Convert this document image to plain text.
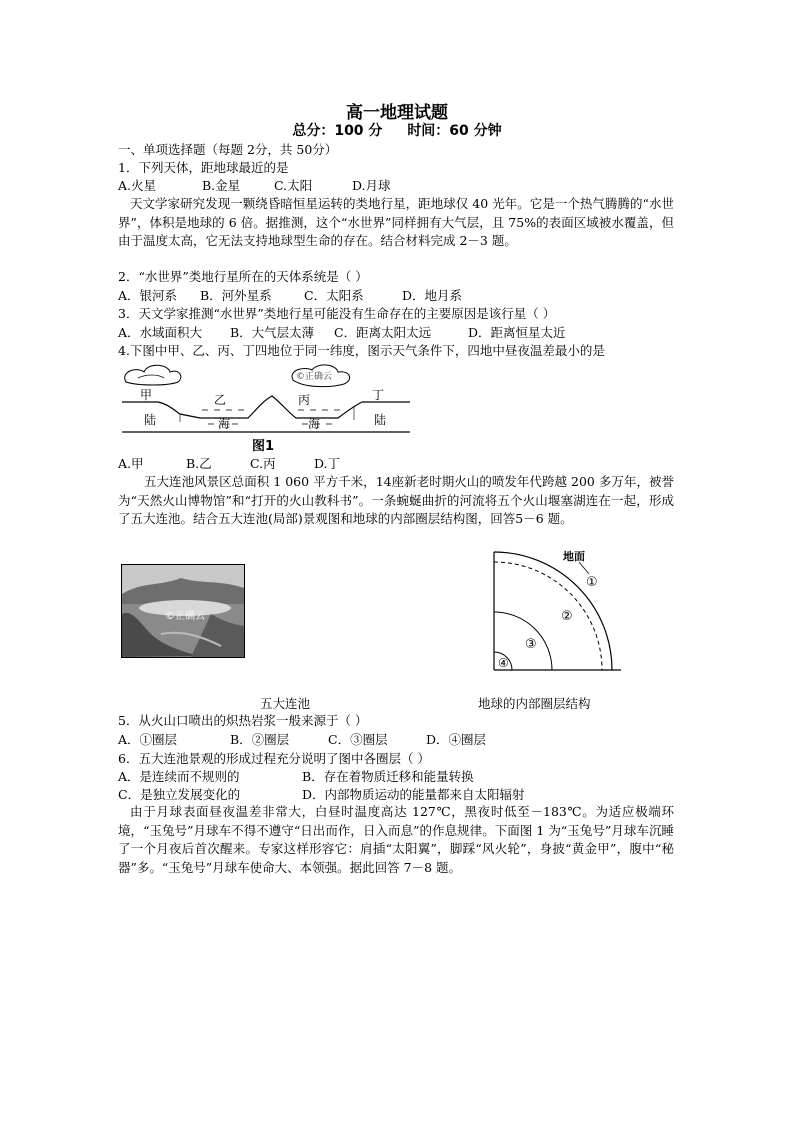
高一地理试题
总分：100 分 时间：60 分钟
一、单项选择题（每题 2分，共 50分）
1．下列天体，距地球最近的是
A.火星	B.金星	C.太阳	D.月球
天文学家研究发现一颗绕昏暗恒星运转的类地行星，距地球仅 40 光年。它是一个热气腾腾的“水世界”，体积是地球的 6 倍。据推测，这个“水世界”同样拥有大气层，且 75%的表面区域被水覆盖，但由于温度太高，它无法支持地球型生命的存在。结合材料完成 2－3 题。
2．“水世界”类地行星所在的天体系统是（ ）
A．银河系 B．河外星系	C．太阳系	D．地月系
3．天文学家推测“水世界”类地行星可能没有生命存在的主要原因是该行星（ ）
A．水域面积大 B．大气层太薄 C．距离太阳太远	D．距离恒星太近
4.下图中甲、乙、丙、丁四地位于同一纬度，图示天气条件下，四地中昼夜温差最小的是
甲	乙	丙	丁
陆	海	海	陆
©正确云
图1
A.甲	B.乙	C.丙	D.丁
五大连池风景区总面积 1 060 平方千米，14座新老时期火山的喷发年代跨越 200 多万年，被誉为“天然火山博物馆”和“打开的火山教科书”。一条蜿蜒曲折的河流将五个火山堰塞湖连在一起，形成了五大连池。结合五大连池(局部)景观图和地球的内部圈层结构图，回答5－6 题。
©正确云
五大连池
地面
①
②
③
④
地球的内部圈层结构
5．从火山口喷出的炽热岩浆一般来源于（ ）
A．①圈层	B．②圈层	C．③圈层	D．④圈层
6．五大连池景观的形成过程充分说明了图中各圈层（ ）
A．是连续而不规则的	B．存在着物质迁移和能量转换
C．是独立发展变化的	D．内部物质运动的能量都来自太阳辐射
由于月球表面昼夜温差非常大，白昼时温度高达 127℃，黑夜时低至－183℃。为适应极端环境，“玉兔号”月球车不得不遵守“日出而作，日入而息”的作息规律。下面图 1 为“玉兔号”月球车沉睡了一个月夜后首次醒来。专家这样形容它：肩插“太阳翼”，脚踩“风火轮”，身披“黄金甲”，腹中“秘器”多。“玉兔号”月球车使命大、本领强。据此回答 7－8 题。
